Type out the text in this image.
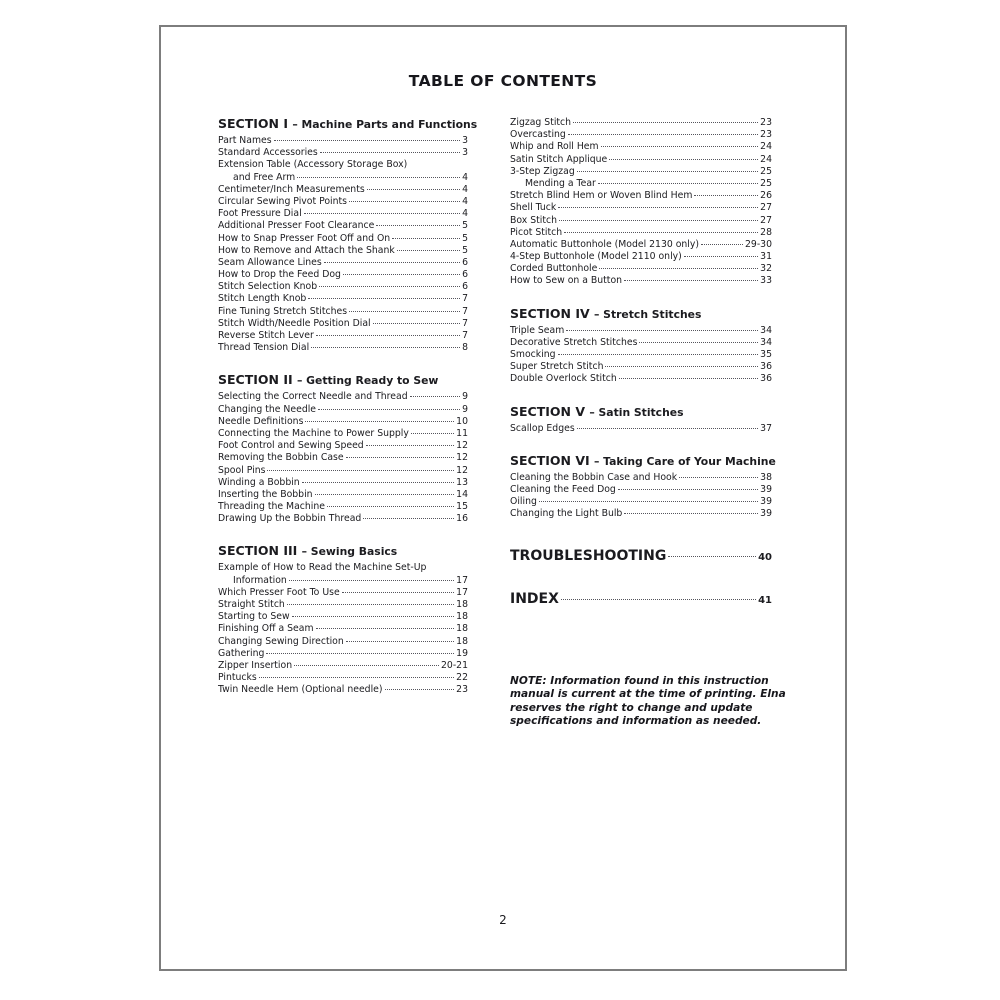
TABLE OF CONTENTS
SECTION I – Machine Parts and Functions
Part Names	3
Standard Accessories	3
Extension Table (Accessory Storage Box)
and Free Arm	4
Centimeter/Inch Measurements	4
Circular Sewing Pivot Points	4
Foot Pressure Dial	4
Additional Presser Foot Clearance	5
How to Snap Presser Foot Off and On	5
How to Remove and Attach the Shank	5
Seam Allowance Lines	6
How to Drop the Feed Dog	6
Stitch Selection Knob	6
Stitch Length Knob	7
Fine Tuning Stretch Stitches	7
Stitch Width/Needle Position Dial	7
Reverse Stitch Lever	7
Thread Tension Dial	8
SECTION II – Getting Ready to Sew
Selecting the Correct Needle and Thread	9
Changing the Needle	9
Needle Definitions	10
Connecting the Machine to Power Supply	11
Foot Control and Sewing Speed	12
Removing the Bobbin Case	12
Spool Pins	12
Winding a Bobbin	13
Inserting the Bobbin	14
Threading the Machine	15
Drawing Up the Bobbin Thread	16
SECTION III – Sewing Basics
Example of How to Read the Machine Set-Up
Information	17
Which Presser Foot To Use	17
Straight Stitch	18
Starting to Sew	18
Finishing Off a Seam	18
Changing Sewing Direction	18
Gathering	19
Zipper Insertion	20-21
Pintucks	22
Twin Needle Hem (Optional needle)	23
Zigzag Stitch	23
Overcasting	23
Whip and Roll Hem	24
Satin Stitch Applique	24
3-Step Zigzag	25
Mending a Tear	25
Stretch Blind Hem or Woven Blind Hem	26
Shell Tuck	27
Box Stitch	27
Picot Stitch	28
Automatic Buttonhole (Model 2130 only)	29-30
4-Step Buttonhole (Model 2110 only)	31
Corded Buttonhole	32
How to Sew on a Button	33
SECTION IV – Stretch Stitches
Triple Seam	34
Decorative Stretch Stitches	34
Smocking	35
Super Stretch Stitch	36
Double Overlock Stitch	36
SECTION V – Satin Stitches
Scallop Edges	37
SECTION VI – Taking Care of Your Machine
Cleaning the Bobbin Case and Hook	38
Cleaning the Feed Dog	39
Oiling	39
Changing the Light Bulb	39
TROUBLESHOOTING	40
INDEX	41

NOTE: Information found in this instruction manual is current at the time of printing. Elna reserves the right to change and update specifications and information as needed.

2
